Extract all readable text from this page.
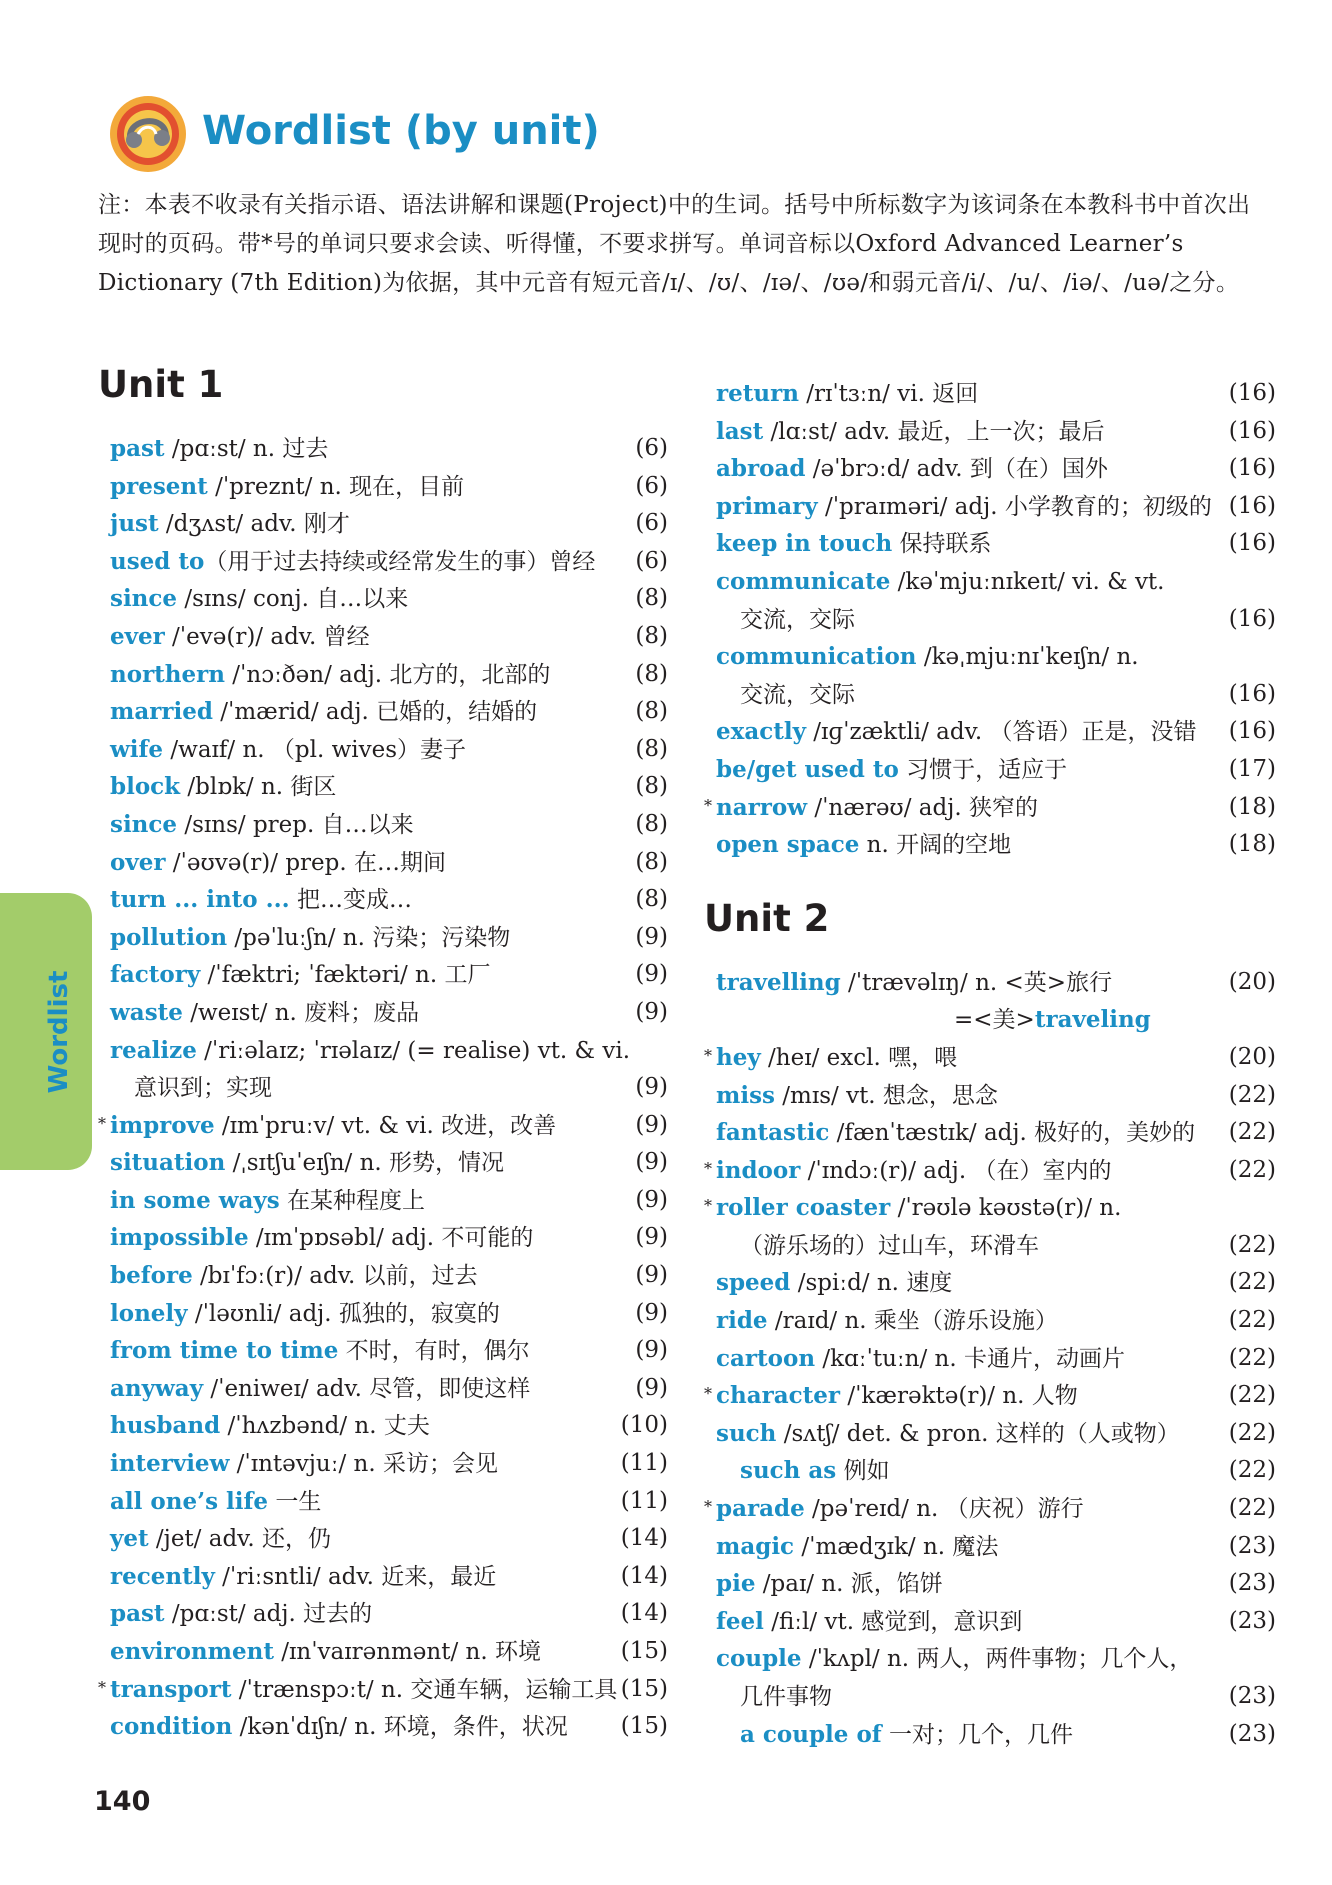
Wordlist (by unit)
注：本表不收录有关指示语、语法讲解和课题(Project)中的生词。括号中所标数字为该词条在本教科书中首次出现时的页码。带*号的单词只要求会读、听得懂，不要求拼写。单词音标以Oxford Advanced Learner’s Dictionary (7th Edition)为依据，其中元音有短元音/ɪ/、/ʊ/、/ɪə/、/ʊə/和弱元音/i/、/u/、/iə/、/uə/之分。
Wordlist
Unit 1
past /pɑːst/ n. 过去	(6)
present /ˈpreznt/ n. 现在，目前	(6)
just /dʒʌst/ adv. 刚才	(6)
used to（用于过去持续或经常发生的事）曾经 (6)
since /sɪns/ conj. 自…以来	(8)
ever /ˈevə(r)/ adv. 曾经	(8)
northern /ˈnɔːðən/ adj. 北方的，北部的	(8)
married /ˈmærid/ adj. 已婚的，结婚的	(8)
wife /waɪf/ n. （pl. wives）妻子	(8)
block /blɒk/ n. 街区	(8)
since /sɪns/ prep. 自…以来	(8)
over /ˈəʊvə(r)/ prep. 在…期间	(8)
turn ... into ... 把…变成…	(8)
pollution /pəˈluːʃn/ n. 污染；污染物	(9)
factory /ˈfæktri; ˈfæktəri/ n. 工厂	(9)
waste /weɪst/ n. 废料；废品	(9)
realize /ˈriːəlaɪz; ˈrɪəlaɪz/ (= realise) vt. & vi.
意识到；实现	(9)
* improve /ɪmˈpruːv/ vt. & vi. 改进，改善	(9)
situation /ˌsɪtʃuˈeɪʃn/ n. 形势，情况	(9)
in some ways 在某种程度上	(9)
impossible /ɪmˈpɒsəbl/ adj. 不可能的	(9)
before /bɪˈfɔː(r)/ adv. 以前，过去	(9)
lonely /ˈləʊnli/ adj. 孤独的，寂寞的	(9)
from time to time 不时，有时，偶尔	(9)
anyway /ˈeniweɪ/ adv. 尽管，即使这样	(9)
husband /ˈhʌzbənd/ n. 丈夫	(10)
interview /ˈɪntəvjuː/ n. 采访；会见	(11)
all one’s life 一生	(11)
yet /jet/ adv. 还，仍	(14)
recently /ˈriːsntli/ adv. 近来，最近	(14)
past /pɑːst/ adj. 过去的	(14)
environment /ɪnˈvaɪrənmənt/ n. 环境	(15)
* transport /ˈtrænspɔːt/ n. 交通车辆，运输工具 (15)
condition /kənˈdɪʃn/ n. 环境，条件，状况 (15)
return /rɪˈtɜːn/ vi. 返回	(16)
last /lɑːst/ adv. 最近，上一次；最后	(16)
abroad /əˈbrɔːd/ adv. 到（在）国外	(16)
primary /ˈpraɪməri/ adj. 小学教育的；初级的 (16)
keep in touch 保持联系	(16)
communicate /kəˈmjuːnɪkeɪt/ vi. & vt.
交流，交际	(16)
communication /kəˌmjuːnɪˈkeɪʃn/ n.
交流，交际	(16)
exactly /ɪɡˈzæktli/ adv. （答语）正是，没错 (16)
be/get used to 习惯于，适应于	(17)
* narrow /ˈnærəʊ/ adj. 狭窄的	(18)
open space n. 开阔的空地	(18)
Unit 2
travelling /ˈtrævəlɪŋ/ n. <英>旅行	(20)
=<美>traveling
* hey /heɪ/ excl. 嘿，喂	(20)
miss /mɪs/ vt. 想念，思念	(22)
fantastic /fænˈtæstɪk/ adj. 极好的，美妙的 (22)
* indoor /ˈɪndɔː(r)/ adj. （在）室内的	(22)
* roller coaster /ˈrəʊlə kəʊstə(r)/ n.
（游乐场的）过山车，环滑车	(22)
speed /spiːd/ n. 速度	(22)
ride /raɪd/ n. 乘坐（游乐设施）	(22)
cartoon /kɑːˈtuːn/ n. 卡通片，动画片	(22)
* character /ˈkærəktə(r)/ n. 人物	(22)
such /sʌtʃ/ det. & pron. 这样的（人或物） (22)
such as 例如	(22)
* parade /pəˈreɪd/ n. （庆祝）游行	(22)
magic /ˈmædʒɪk/ n. 魔法	(23)
pie /paɪ/ n. 派，馅饼	(23)
feel /fiːl/ vt. 感觉到，意识到	(23)
couple /ˈkʌpl/ n. 两人，两件事物；几个人，
几件事物	(23)
a couple of 一对；几个，几件	(23)
140
